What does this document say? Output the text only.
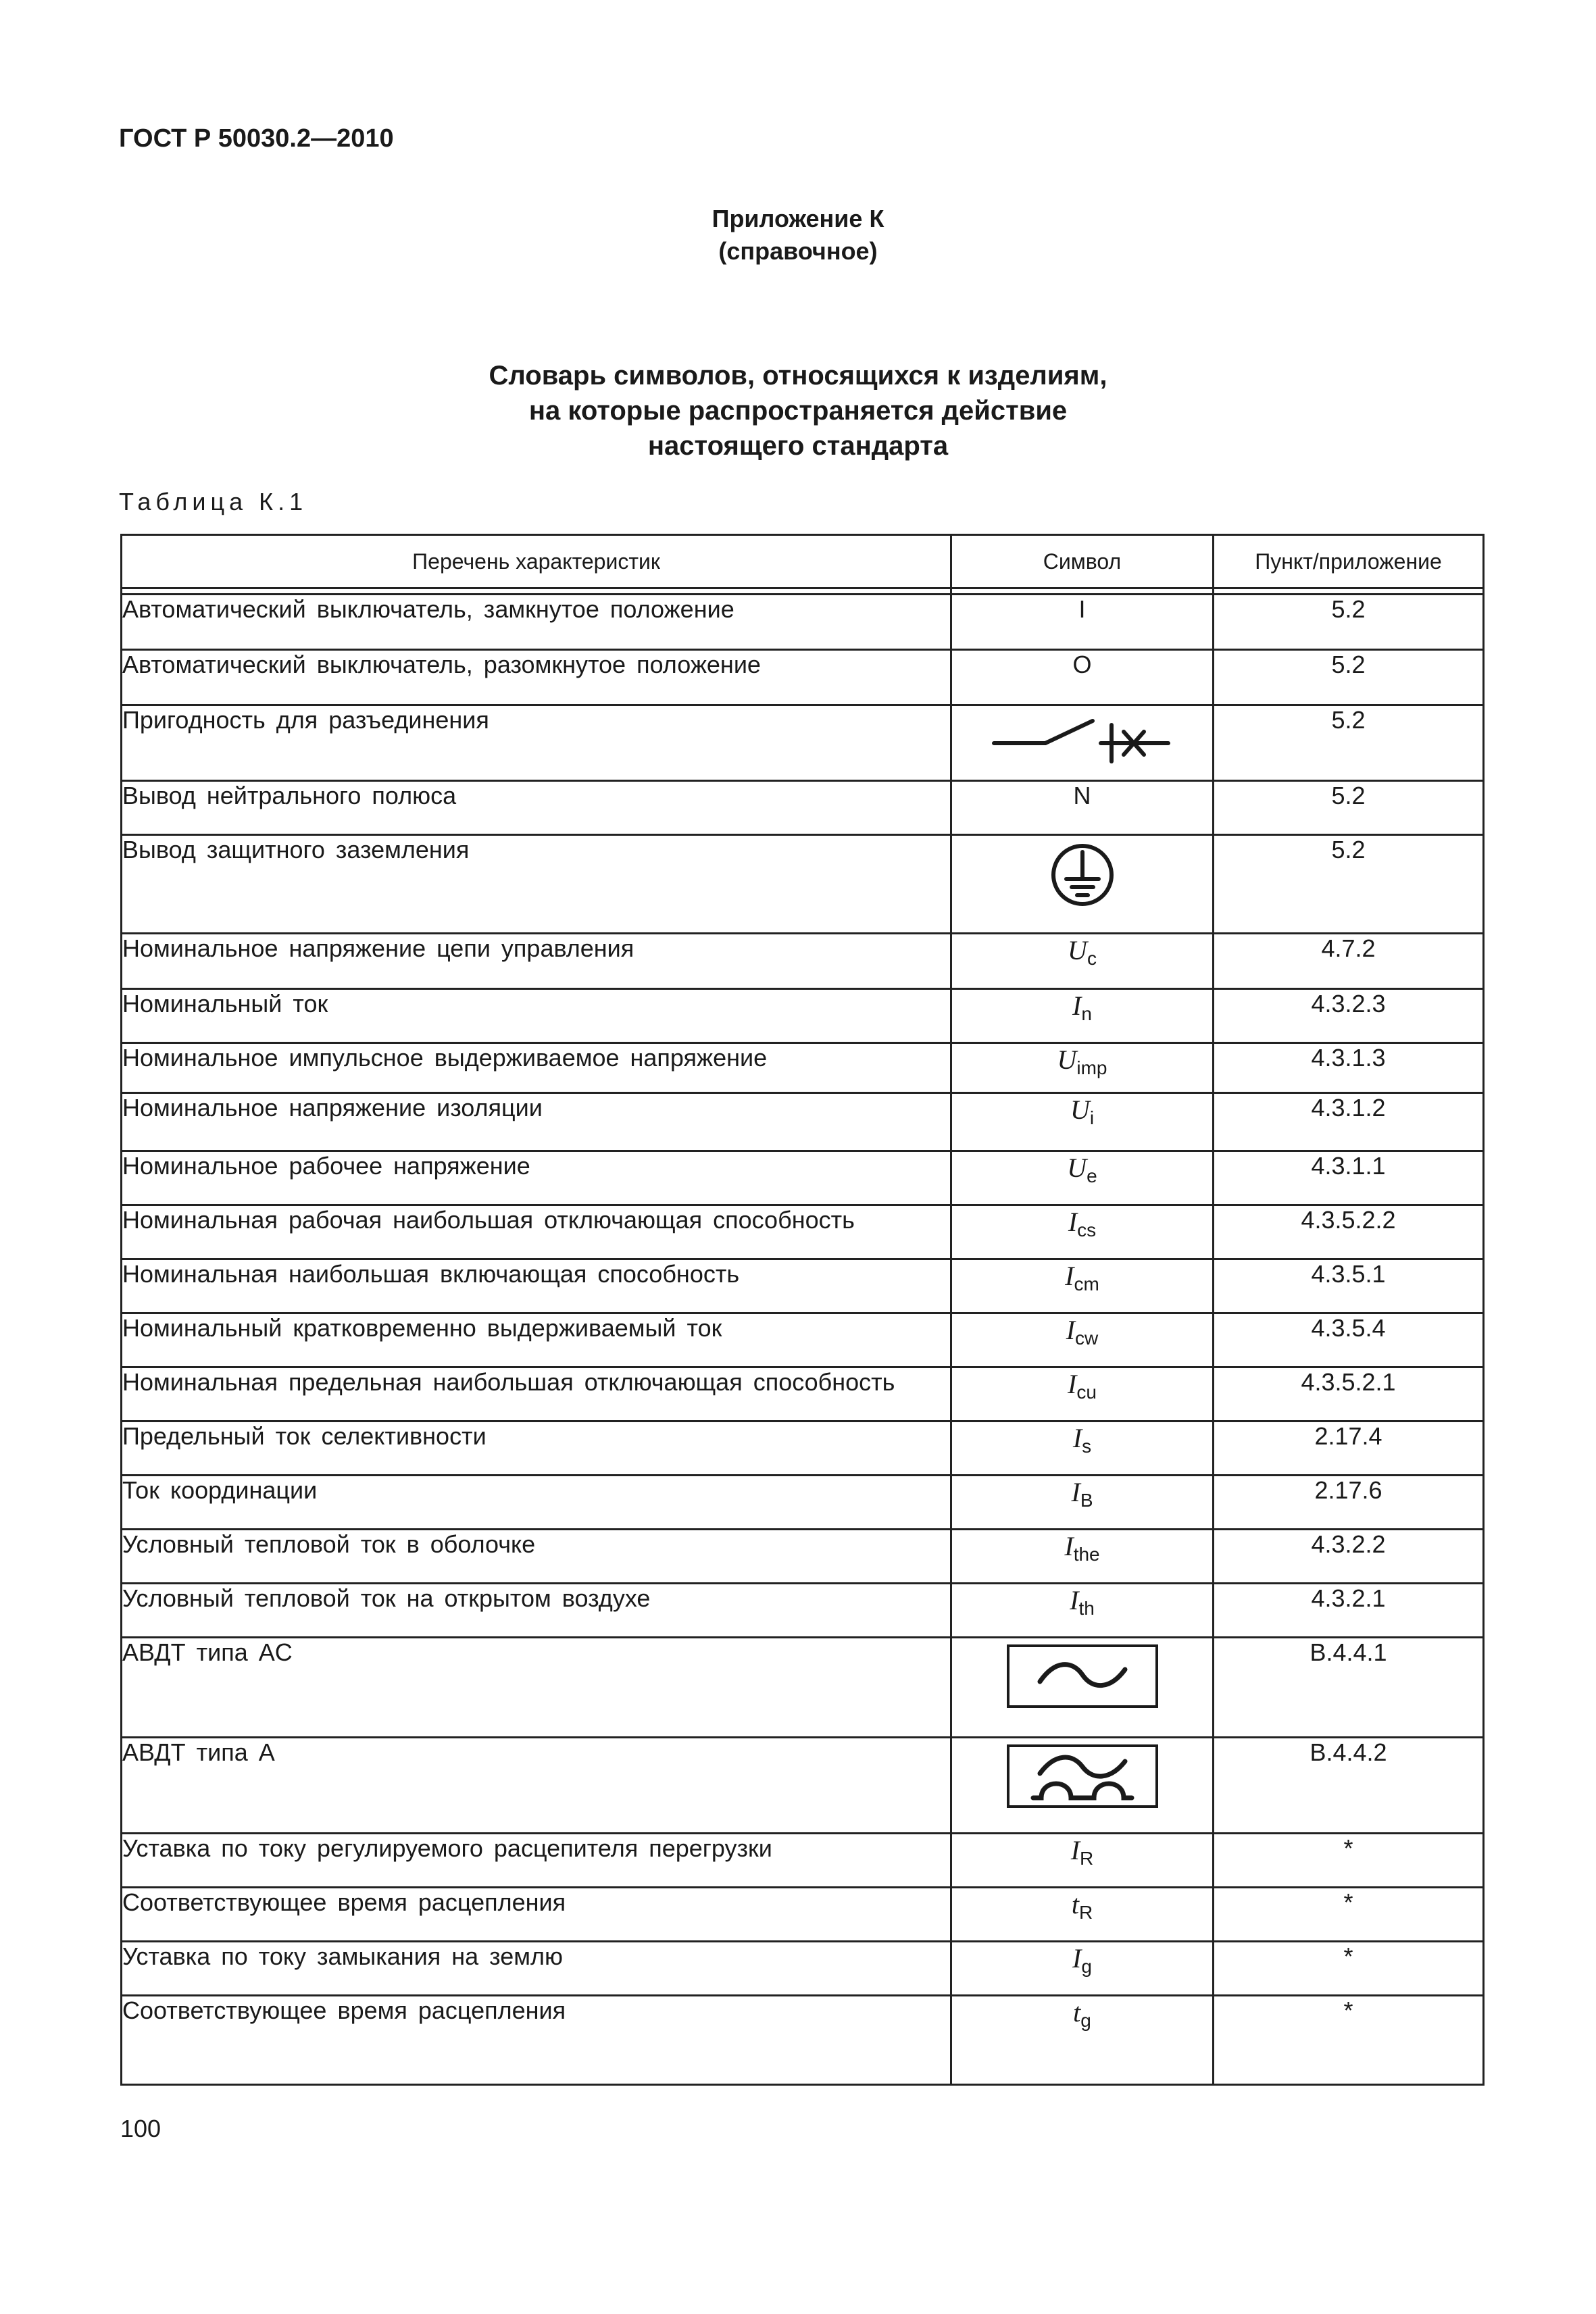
ГОСТ Р 50030.2—2010
Приложение К
(справочное)
Словарь символов, относящихся к изделиям,
на которые распространяется действие
настоящего стандарта
Таблица К.1
Перечень характеристик	Символ	Пункт/приложение

Автоматический выключатель, замкнутое положение	I	5.2
Автоматический выключатель, разомкнутое положение	O	5.2
Пригодность для разъединения		5.2
Вывод нейтрального полюса	N	5.2
Вывод защитного заземления		5.2
Номинальное напряжение цепи управления	$U_c$	4.7.2
Номинальный ток	$I_n$	4.3.2.3
Номинальное импульсное выдерживаемое напряжение	$U_{imp}$	4.3.1.3
Номинальное напряжение изоляции	$U_i$	4.3.1.2
Номинальное рабочее напряжение	$U_e$	4.3.1.1
Номинальная рабочая наибольшая отключающая способность	$I_{cs}$	4.3.5.2.2
Номинальная наибольшая включающая способность	$I_{cm}$	4.3.5.1
Номинальный кратковременно выдерживаемый ток	$I_{cw}$	4.3.5.4
Номинальная предельная наибольшая отключающая способность	$I_{cu}$	4.3.5.2.1
Предельный ток селективности	$I_s$	2.17.4
Ток координации	$I_B$	2.17.6
Условный тепловой ток в оболочке	$I_{the}$	4.3.2.2
Условный тепловой ток на открытом воздухе	$I_{th}$	4.3.2.1
АВДТ типа AC		B.4.4.1
АВДТ типа A		B.4.4.2
Уставка по току регулируемого расцепителя перегрузки	$I_R$	*
Соответствующее время расцепления	$t_R$	*
Уставка по току замыкания на землю	$I_g$	*
Соответствующее время расцепления	$t_g$	*
100
